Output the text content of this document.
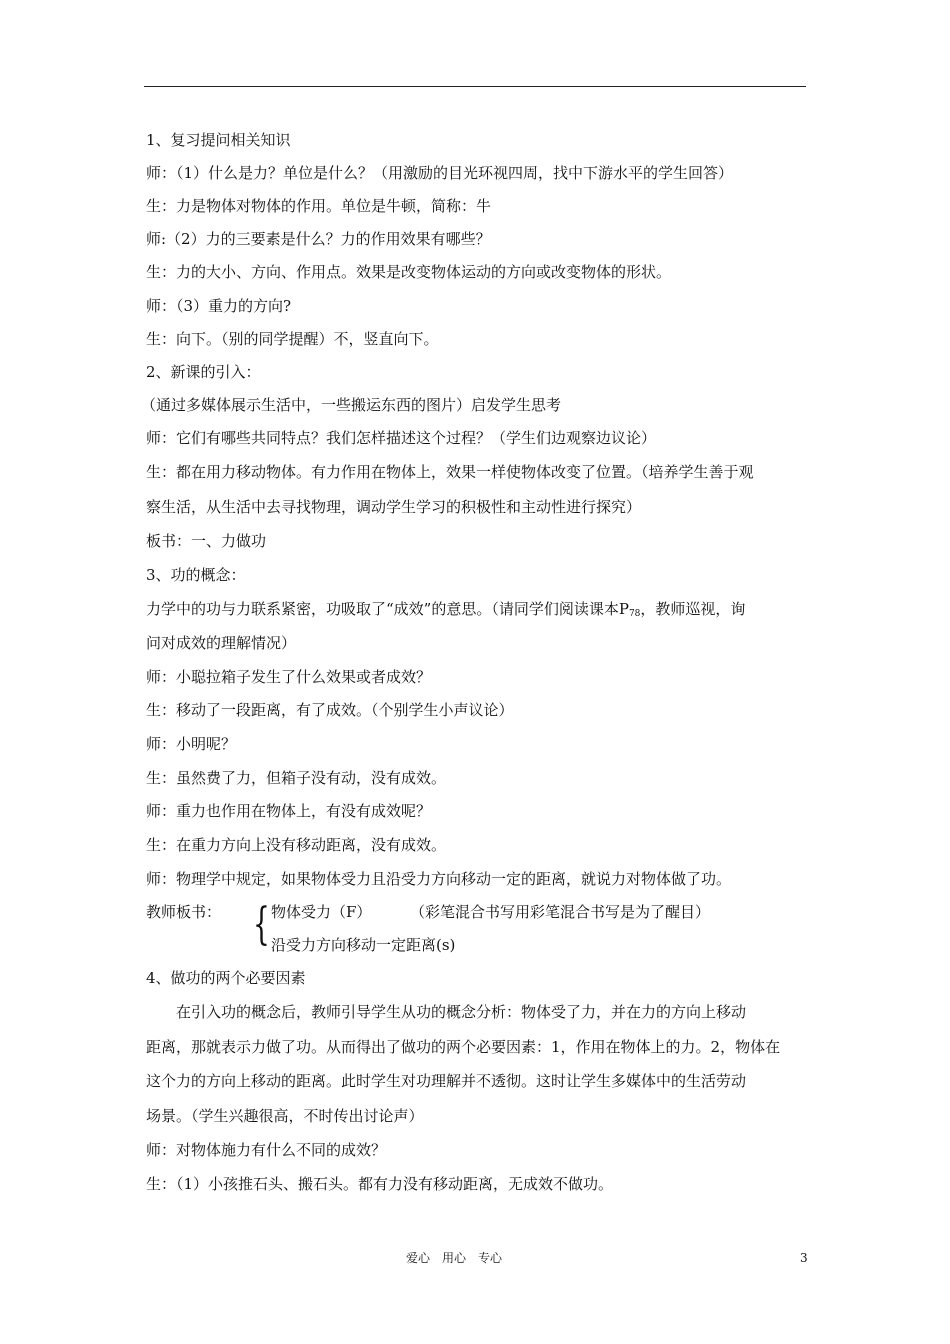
1、复习提问相关知识
师：（1）什么是力？单位是什么？（用激励的目光环视四周，找中下游水平的学生回答）
生：力是物体对物体的作用。单位是牛顿，简称：牛
师:（2）力的三要素是什么？力的作用效果有哪些？
生：力的大小、方向、作用点。效果是改变物体运动的方向或改变物体的形状。
师：（3）重力的方向?
生：向下。（别的同学提醒）不，竖直向下。
2、新课的引入：
（通过多媒体展示生活中，一些搬运东西的图片）启发学生思考
师：它们有哪些共同特点？我们怎样描述这个过程？（学生们边观察边议论）
生：都在用力移动物体。有力作用在物体上，效果一样使物体改变了位置。（培养学生善于观
察生活，从生活中去寻找物理，调动学生学习的积极性和主动性进行探究）
板书：一、力做功
3、功的概念：
力学中的功与力联系紧密，功吸取了“成效”的意思。（请同学们阅读课本$P_{78}$，教师巡视，询
问对成效的理解情况）
师：小聪拉箱子发生了什么效果或者成效？
生：移动了一段距离，有了成效。（个别学生小声议论）
师：小明呢？
生：虽然费了力，但箱子没有动，没有成效。
师：重力也作用在物体上，有没有成效呢？
生：在重力方向上没有移动距离，没有成效。
师：物理学中规定，如果物体受力且沿受力方向移动一定的距离，就说力对物体做了功。
教师板书： { 物体受力（F）	（彩笔混合书写用彩笔混合书写是为了醒目）
沿受力方向移动一定距离(s)
4、做功的两个必要因素
在引入功的概念后，教师引导学生从功的概念分析：物体受了力，并在力的方向上移动
距离，那就表示力做了功。从而得出了做功的两个必要因素：1，作用在物体上的力。2，物体在
这个力的方向上移动的距离。此时学生对功理解并不透彻。这时让学生多媒体中的生活劳动
场景。（学生兴趣很高，不时传出讨论声）
师：对物体施力有什么不同的成效？
生：（1）小孩推石头、搬石头。都有力没有移动距离，无成效不做功。
爱心　用心　专心	3
